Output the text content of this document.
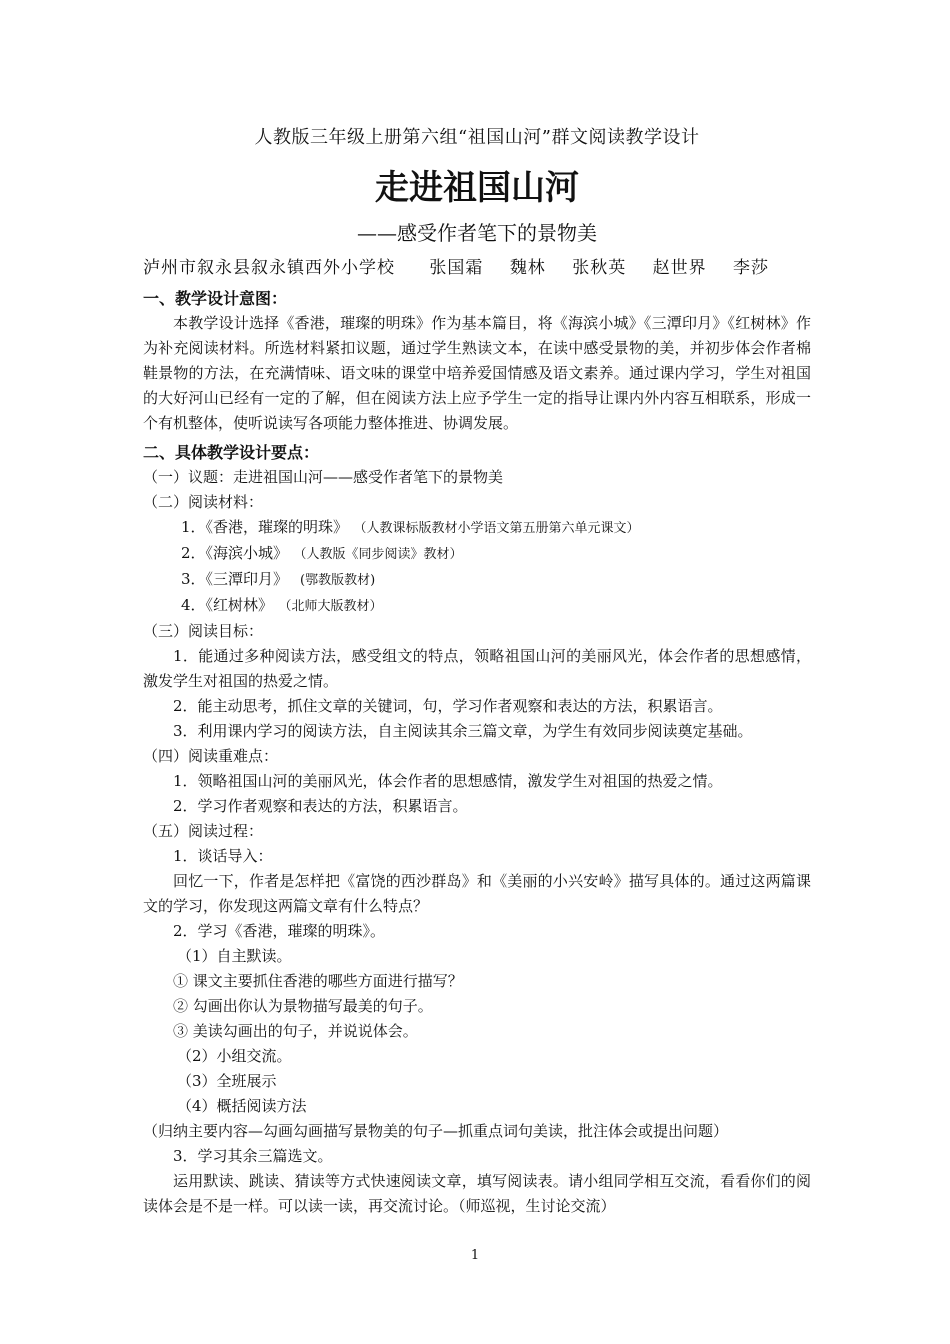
人教版三年级上册第六组“祖国山河”群文阅读教学设计
走进祖国山河
——感受作者笔下的景物美
泸州市叙永县叙永镇西外小学校 张国霜 魏林 张秋英 赵世界 李莎
一、教学设计意图：

本教学设计选择《香港，璀璨的明珠》作为基本篇目，将《海滨小城》《三潭印月》《红树林》作为补充阅读材料。所选材料紧扣议题，通过学生熟读文本，在读中感受景物的美，并初步体会作者棉鞋景物的方法，在充满情味、语文味的课堂中培养爱国情感及语文素养。通过课内学习，学生对祖国的大好河山已经有一定的了解，但在阅读方法上应予学生一定的指导让课内外内容互相联系，形成一个有机整体，使听说读写各项能力整体推进、协调发展。

二、具体教学设计要点：

（一）议题：走进祖国山河——感受作者笔下的景物美

（二）阅读材料：

1．《香港，璀璨的明珠》 （人教课标版教材小学语文第五册第六单元课文）

2．《海滨小城》 （人教版《同步阅读》教材）

3．《三潭印月》 (鄂教版教材)

4．《红树林》 （北师大版教材）

（三）阅读目标：

1．能通过多种阅读方法，感受组文的特点，领略祖国山河的美丽风光，体会作者的思想感情，激发学生对祖国的热爱之情。

2．能主动思考，抓住文章的关键词，句，学习作者观察和表达的方法，积累语言。

3．利用课内学习的阅读方法，自主阅读其余三篇文章，为学生有效同步阅读奠定基础。

（四）阅读重难点：

1．领略祖国山河的美丽风光，体会作者的思想感情，激发学生对祖国的热爱之情。

2．学习作者观察和表达的方法，积累语言。

（五）阅读过程：

1．谈话导入：

回忆一下，作者是怎样把《富饶的西沙群岛》和《美丽的小兴安岭》描写具体的。通过这两篇课文的学习，你发现这两篇文章有什么特点？

2．学习《香港，璀璨的明珠》。

（1）自主默读。

① 课文主要抓住香港的哪些方面进行描写？

② 勾画出你认为景物描写最美的句子。

③ 美读勾画出的句子，并说说体会。

（2）小组交流。

（3）全班展示

（4）概括阅读方法

（归纳主要内容—勾画勾画描写景物美的句子—抓重点词句美读，批注体会或提出问题）

3．学习其余三篇选文。

运用默读、跳读、猜读等方式快速阅读文章，填写阅读表。请小组同学相互交流，看看你们的阅读体会是不是一样。可以读一读，再交流讨论。（师巡视，生讨论交流）

1
